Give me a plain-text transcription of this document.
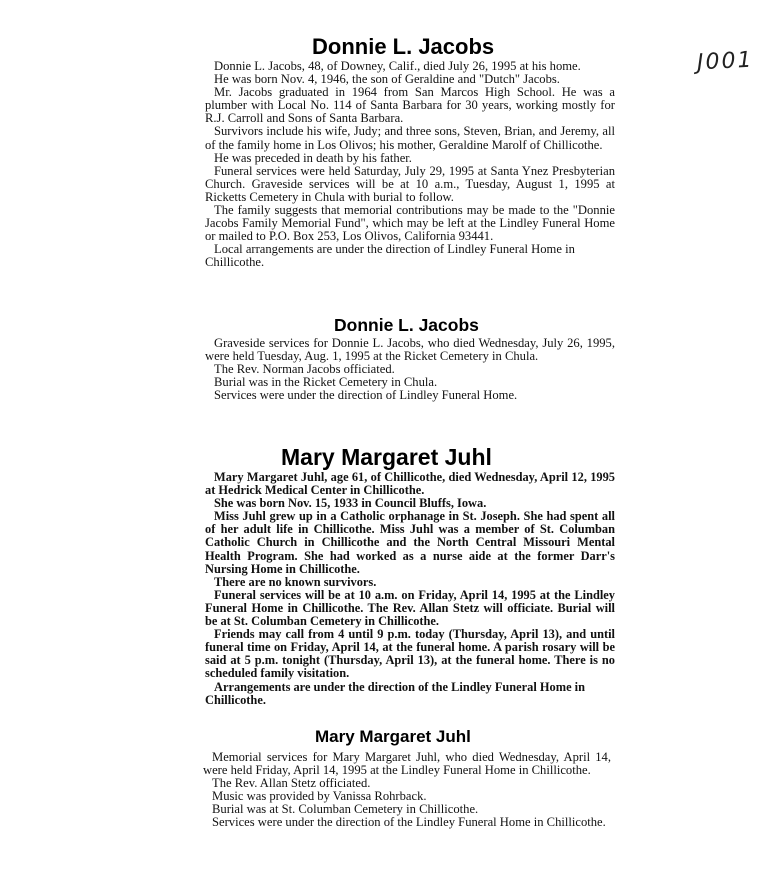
J001
Donnie L. Jacobs

Donnie L. Jacobs, 48, of Downey, Calif., died July 26, 1995 at his home.

He was born Nov. 4, 1946, the son of Geraldine and "Dutch" Jacobs.

Mr. Jacobs graduated in 1964 from San Marcos High School. He was a plumber with Local No. 114 of Santa Barbara for 30 years, working mostly for R.J. Carroll and Sons of Santa Barbara.

Survivors include his wife, Judy; and three sons, Steven, Brian, and Jeremy, all of the family home in Los Olivos; his mother, Geraldine Marolf of Chillicothe.

He was preceded in death by his father.

Funeral services were held Saturday, July 29, 1995 at Santa Ynez Presbyterian Church. Graveside services will be at 10 a.m., Tuesday, August 1, 1995 at Ricketts Cemetery in Chula with burial to follow.

The family suggests that memorial contributions may be made to the "Donnie Jacobs Family Memorial Fund", which may be left at the Lindley Funeral Home or mailed to P.O. Box 253, Los Olivos, California 93441.

Local arrangements are under the direction of Lindley Funeral Home in Chillicothe.

Donnie L. Jacobs

Graveside services for Donnie L. Jacobs, who died Wednesday, July 26, 1995, were held Tuesday, Aug. 1, 1995 at the Ricket Cemetery in Chula.

The Rev. Norman Jacobs officiated.

Burial was in the Ricket Cemetery in Chula.

Services were under the direction of Lindley Funeral Home.

Mary Margaret Juhl

Mary Margaret Juhl, age 61, of Chillicothe, died Wednesday, April 12, 1995 at Hedrick Medical Center in Chillicothe.

She was born Nov. 15, 1933 in Council Bluffs, Iowa.

Miss Juhl grew up in a Catholic orphanage in St. Joseph. She had spent all of her adult life in Chillicothe. Miss Juhl was a member of St. Columban Catholic Church in Chillicothe and the North Central Missouri Mental Health Program. She had worked as a nurse aide at the former Darr's Nursing Home in Chillicothe.

There are no known survivors.

Funeral services will be at 10 a.m. on Friday, April 14, 1995 at the Lindley Funeral Home in Chillicothe. The Rev. Allan Stetz will officiate. Burial will be at St. Columban Cemetery in Chillicothe.

Friends may call from 4 until 9 p.m. today (Thursday, April 13), and until funeral time on Friday, April 14, at the funeral home. A parish rosary will be said at 5 p.m. tonight (Thursday, April 13), at the funeral home. There is no scheduled family visitation.

Arrangements are under the direction of the Lindley Funeral Home in Chillicothe.

Mary Margaret Juhl

Memorial services for Mary Margaret Juhl, who died Wednesday, April 14, were held Friday, April 14, 1995 at the Lindley Funeral Home in Chillicothe.

The Rev. Allan Stetz officiated.

Music was provided by Vanissa Rohrback.

Burial was at St. Columban Cemetery in Chillicothe.

Services were under the direction of the Lindley Funeral Home in Chillicothe.
